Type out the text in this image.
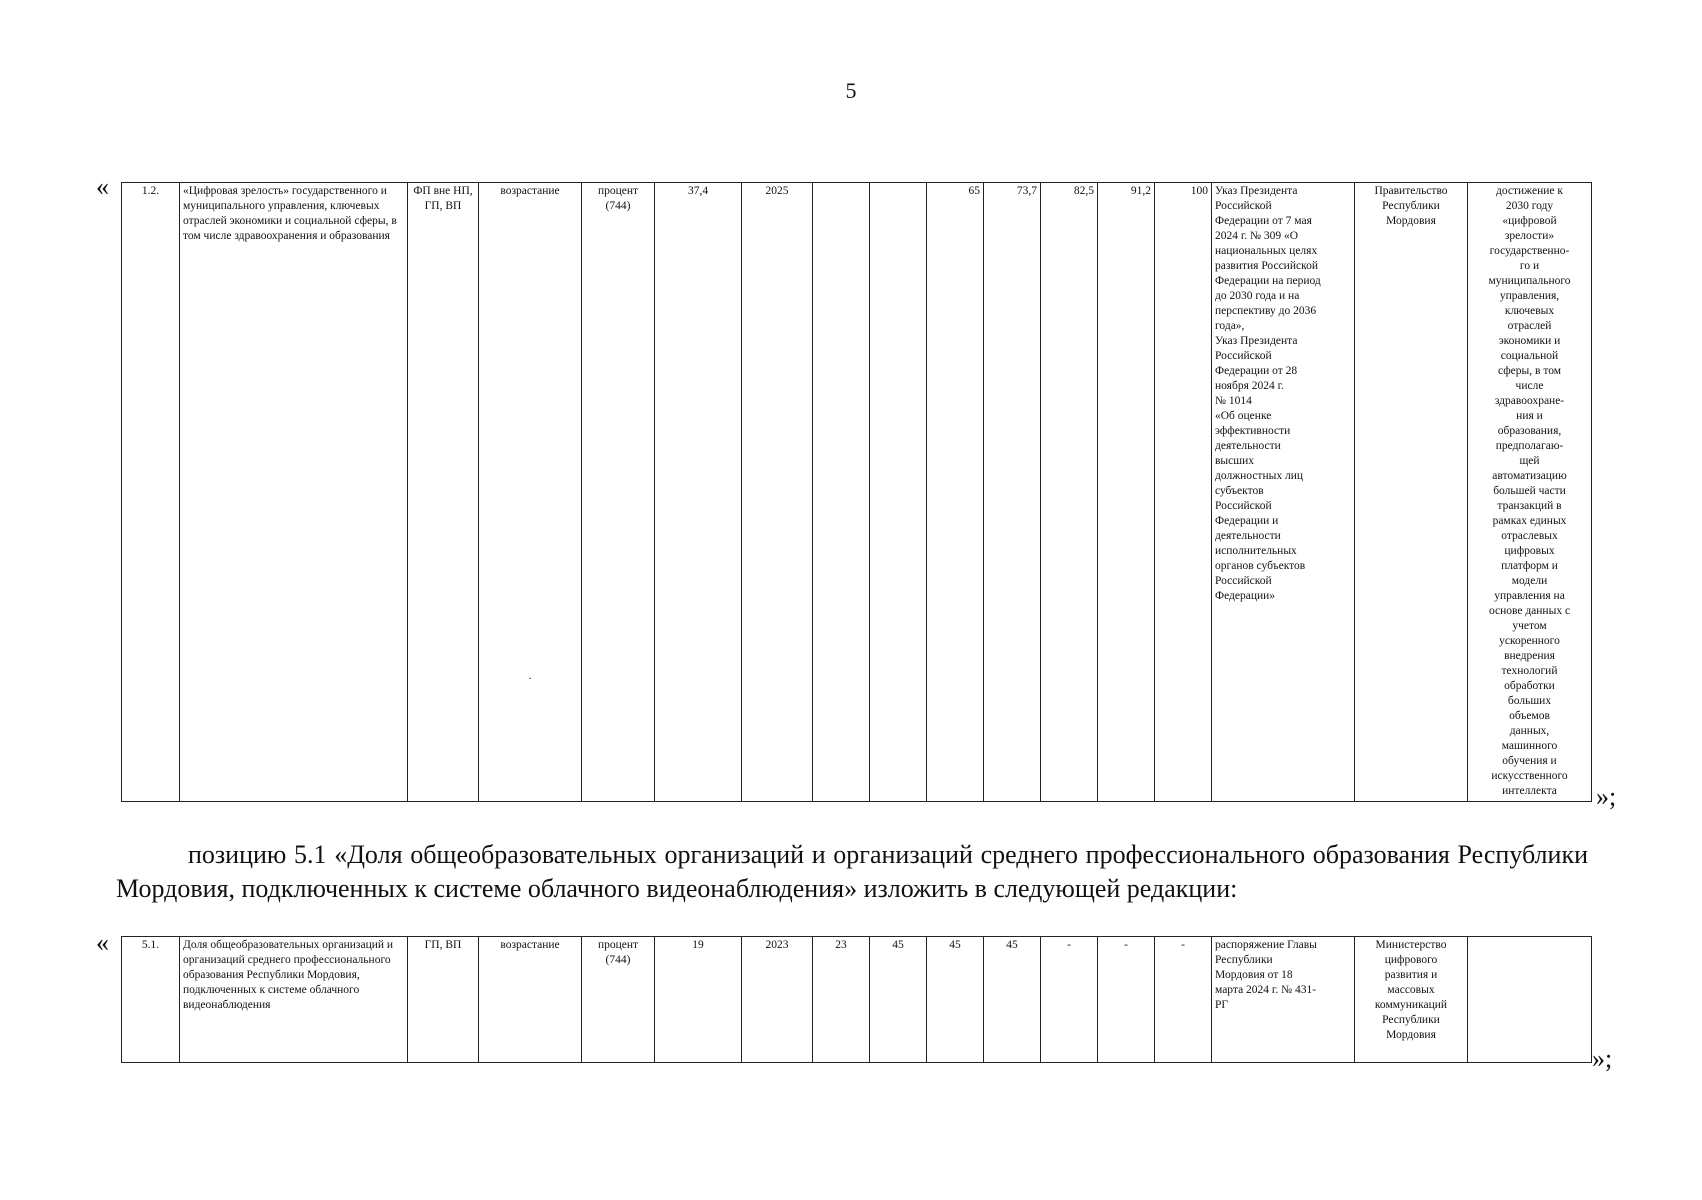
5
«	1.2.	«Цифровая зрелость» государственного и муниципального управления, ключевых отраслей экономики и социальной сферы, в том числе здравоохранения и образования	ФП вне НП, ГП, ВП	возрастание
.
	процент (744)	37,4	2025			65	73,7	82,5	91,2	100	Указ Президента
Российской
Федерации от 7 мая
2024 г. № 309 «О
национальных целях
развития Российской
Федерации на период
до 2030 года и на
перспективу до 2036
года»,
Указ Президента
Российской
Федерации от 28
ноября 2024 г.
№ 1014
«Об оценке
эффективности
деятельности
высших
должностных лиц
субъектов
Российской
Федерации и
деятельности
исполнительных
органов субъектов
Российской
Федерации»	Правительство Республики Мордовия	достижение к
2030 году
«цифровой
зрелости»
государственно-
го и
муниципального
управления,
ключевых
отраслей
экономики и
социальной
сферы, в том
числе
здравоохране-
ния и
образования,
предполагаю-
щей
автоматизацию
большей части
транзакций в
рамках единых
отраслевых
цифровых
платформ и
модели
управления на
основе данных с
учетом
ускоренного
внедрения
технологий
обработки
больших
объемов
данных,
машинного
обучения и
искусственного
интеллекта »;
позицию 5.1 «Доля общеобразовательных организаций и организаций среднего профессионального образования Республики Мордовия, подключенных к системе облачного видеонаблюдения» изложить в следующей редакции:
«	5.1.	Доля общеобразовательных организаций и организаций среднего профессионального образования Республики Мордовия, подключенных к системе облачного видеонаблюдения	ГП, ВП	возрастание	процент (744)	19	2023	23	45	45	45	-	-	-	распоряжение Главы
Республики
Мордовия от 18
марта 2024 г. № 431-
РГ	Министерство
цифрового
развития и
массовых
коммуникаций
Республики
Мордовия	
»;
